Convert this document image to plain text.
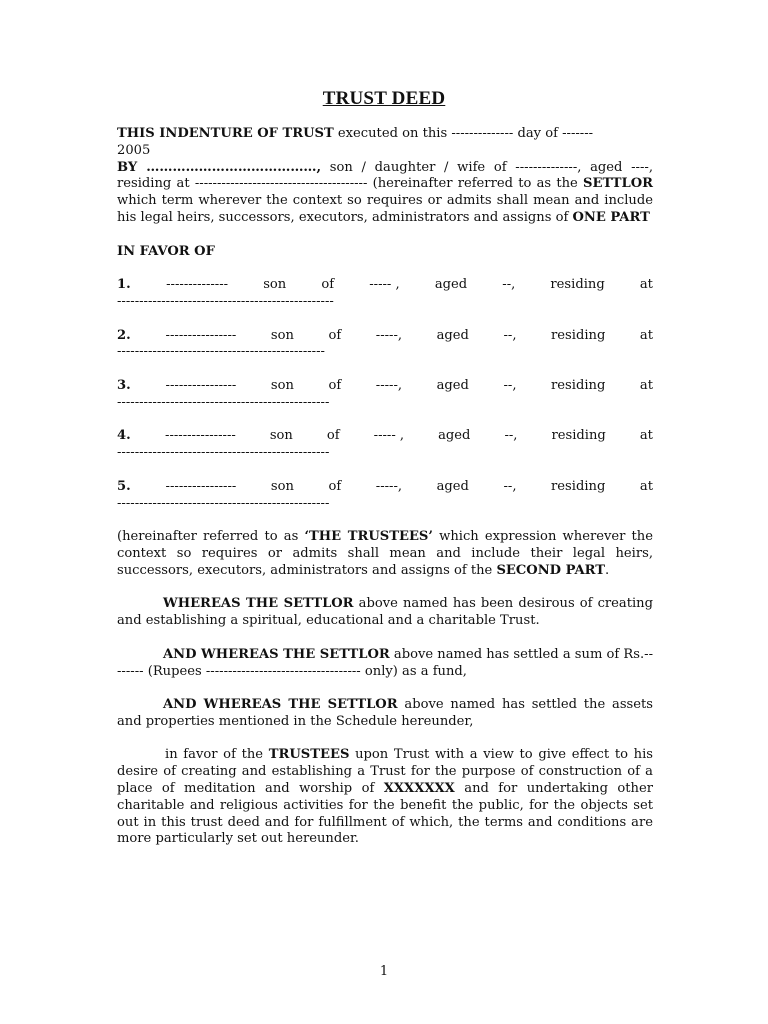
TRUST DEED

THIS INDENTURE OF TRUST executed on this -------------- day of -------
2005
BY …………………………………, son / daughter / wife of --------------, aged ----, residing at --------------------------------------- (hereinafter referred to as the SETTLOR which term wherever the context so requires or admits shall mean and include his legal heirs, successors, executors, administrators and assigns of ONE PART

IN FAVOR OF

1.	--------------	son	of	----- ,	aged	--,	residing	at
-------------------------------------------------
2.	----------------	son	of	-----,	aged	--,	residing	at
-----------------------------------------------
3.	----------------	son	of	-----,	aged	--,	residing	at
------------------------------------------------
4.	----------------	son	of	----- ,	aged	--,	residing	at
------------------------------------------------
5.	----------------	son	of	-----,	aged	--,	residing	at
------------------------------------------------

(hereinafter referred to as ‘THE TRUSTEES’ which expression wherever the context so requires or admits shall mean and include their legal heirs, successors, executors, administrators and assigns of the SECOND PART.

WHEREAS THE SETTLOR above named has been desirous of creating and establishing a spiritual, educational and a charitable Trust.

AND WHEREAS THE SETTLOR above named has settled a sum of Rs.-------- (Rupees ----------------------------------- only) as a fund,

AND WHEREAS THE SETTLOR above named has settled the assets and properties mentioned in the Schedule hereunder,

in favor of the TRUSTEES upon Trust with a view to give effect to his desire of creating and establishing a Trust for the purpose of construction of a place of meditation and worship of XXXXXXX and for undertaking other charitable and religious activities for the benefit the public, for the objects set out in this trust deed and for fulfillment of which, the terms and conditions are more particularly set out hereunder.

1
